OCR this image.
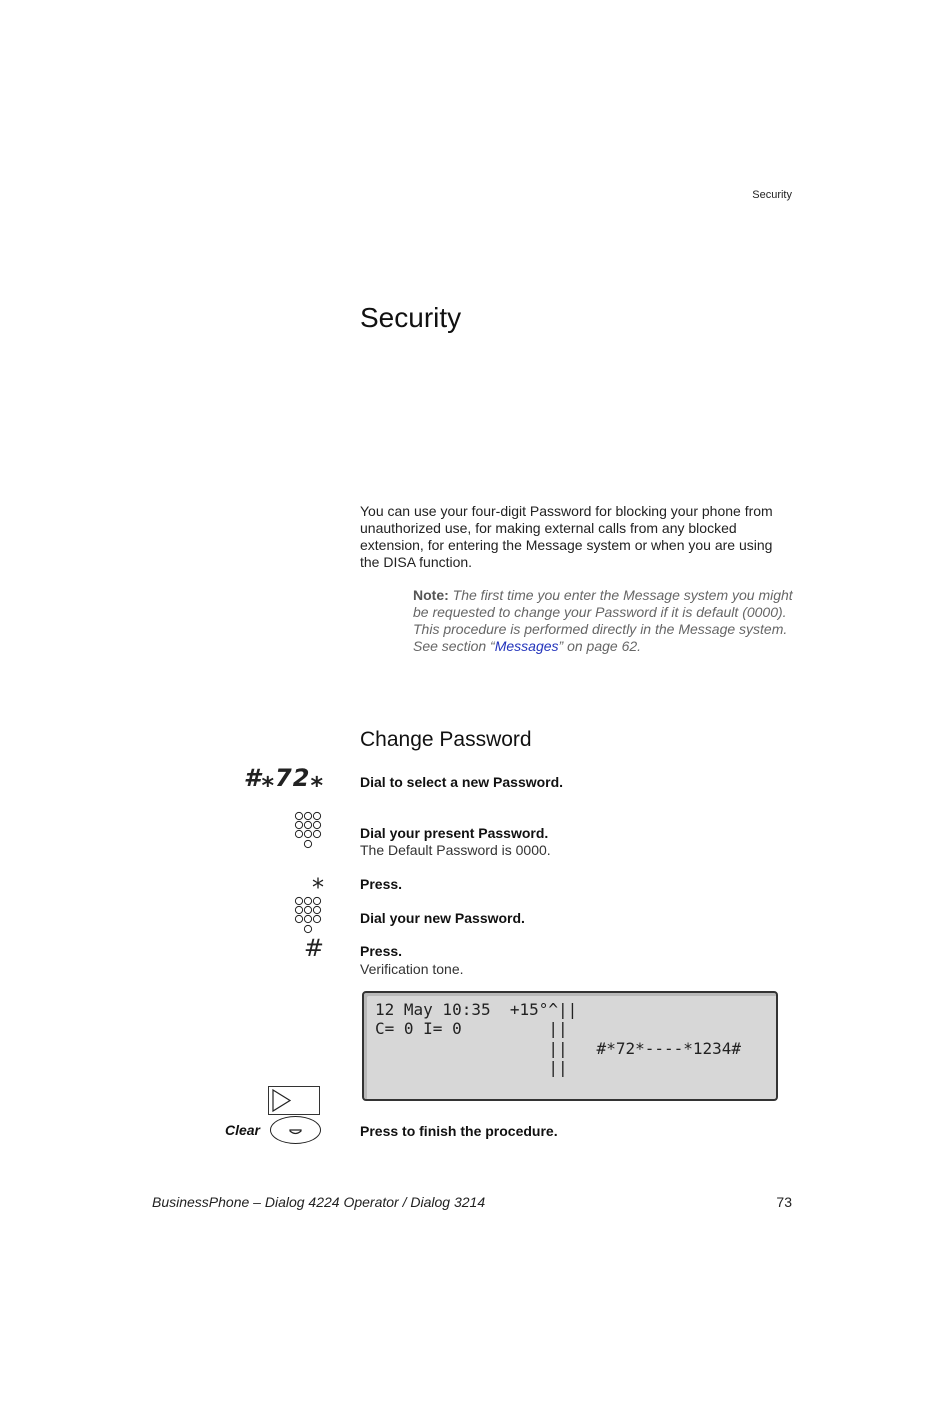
Security
Security

You can use your four-digit Password for blocking your phone from unauthorized use, for making external calls from any blocked extension, for entering the Message system or when you are using the DISA function.

Note: The first time you enter the Message system you might be requested to change your Password if it is default (0000). This procedure is performed directly in the Message system. See section “Messages” on page 62.

Change Password
#⁎72⁎	Dial to select a new Password.
Dial your present Password.
The Default Password is 0000.
⁎	Press.
Dial your new Password.
#	Press.
Verification tone.
12 May 10:35  +15°^||
C= 0 I= 0         ||
||   #*72*----*1234#
||
Clear	Press to finish the procedure.
BusinessPhone – Dialog 4224 Operator / Dialog 3214	73
